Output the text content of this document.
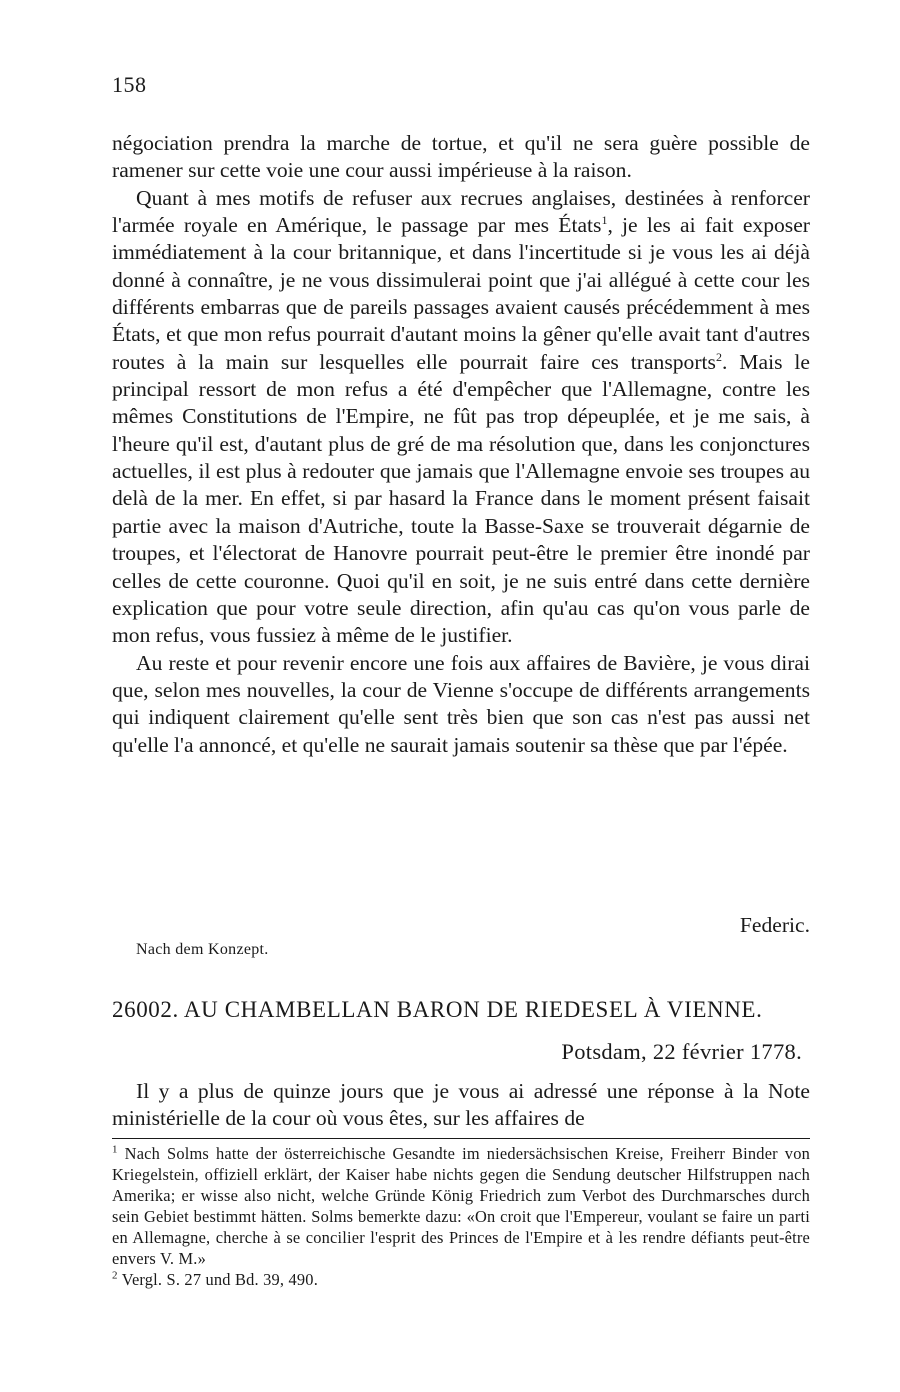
158

négociation prendra la marche de tortue, et qu'il ne sera guère possible de ramener sur cette voie une cour aussi impérieuse à la raison.

Quant à mes motifs de refuser aux recrues anglaises, destinées à renforcer l'armée royale en Amérique, le passage par mes États$^1$, je les ai fait exposer immédiatement à la cour britannique, et dans l'incertitude si je vous les ai déjà donné à connaître, je ne vous dissimulerai point que j'ai allégué à cette cour les différents embarras que de pareils passages avaient causés précédemment à mes États, et que mon refus pourrait d'autant moins la gêner qu'elle avait tant d'autres routes à la main sur lesquelles elle pourrait faire ces transports$^2$. Mais le principal ressort de mon refus a été d'empêcher que l'Allemagne, contre les mêmes Constitutions de l'Empire, ne fût pas trop dépeuplée, et je me sais, à l'heure qu'il est, d'autant plus de gré de ma résolution que, dans les conjonctures actuelles, il est plus à redouter que jamais que l'Allemagne envoie ses troupes au delà de la mer. En effet, si par hasard la France dans le moment présent faisait partie avec la maison d'Autriche, toute la Basse-Saxe se trouverait dégarnie de troupes, et l'électorat de Hanovre pourrait peut-être le premier être inondé par celles de cette couronne. Quoi qu'il en soit, je ne suis entré dans cette dernière explication que pour votre seule direction, afin qu'au cas qu'on vous parle de mon refus, vous fussiez à même de le justifier.

Au reste et pour revenir encore une fois aux affaires de Bavière, je vous dirai que, selon mes nouvelles, la cour de Vienne s'occupe de différents arrangements qui indiquent clairement qu'elle sent très bien que son cas n'est pas aussi net qu'elle l'a annoncé, et qu'elle ne saurait jamais soutenir sa thèse que par l'épée.

Federic.
Nach dem Konzept.
26002. AU CHAMBELLAN BARON DE RIEDESEL À VIENNE.
Potsdam, 22 février 1778.

Il y a plus de quinze jours que je vous ai adressé une réponse à la Note ministérielle de la cour où vous êtes, sur les affaires de

$^1$ Nach Solms hatte der österreichische Gesandte im niedersächsischen Kreise, Freiherr Binder von Kriegelstein, offiziell erklärt, der Kaiser habe nichts gegen die Sendung deutscher Hilfstruppen nach Amerika; er wisse also nicht, welche Gründe König Friedrich zum Verbot des Durchmarsches durch sein Gebiet bestimmt hätten. Solms bemerkte dazu: «On croit que l'Empereur, voulant se faire un parti en Allemagne, cherche à se concilier l'esprit des Princes de l'Empire et à les rendre défiants peut-être envers V. M.»

$^2$ Vergl. S. 27 und Bd. 39, 490.
